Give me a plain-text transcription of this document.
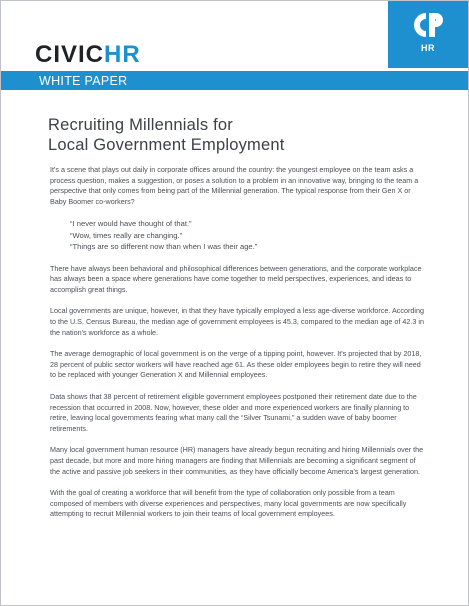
CIVICHR	HR
WHITE PAPER
Recruiting Millennials for
Local Government Employment

It's a scene that plays out daily in corporate offices around the country: the youngest employee on the team asks a process question, makes a suggestion, or poses a solution to a problem in an innovative way, bringing to the team a perspective that only comes from being part of the Millennial generation. The typical response from their Gen X or Baby Boomer co-workers?

“I never would have thought of that.”
“Wow, times really are changing.”
“Things are so different now than when I was their age.”

There have always been behavioral and philosophical differences between generations, and the corporate workplace has always been a space where generations have come together to meld perspectives, experiences, and ideas to accomplish great things.

Local governments are unique, however, in that they have typically employed a less age-diverse workforce. According to the U.S. Census Bureau, the median age of government employees is 45.3, compared to the median age of 42.3 in the nation's workforce as a whole.

The average demographic of local government is on the verge of a tipping point, however. It's projected that by 2018, 28 percent of public sector workers will have reached age 61. As these older employees begin to retire they will need to be replaced with younger Generation X and Millennial employees.

Data shows that 38 percent of retirement eligible government employees postponed their retirement date due to the recession that occurred in 2008. Now, however, these older and more experienced workers are finally planning to retire, leaving local governments fearing what many call the “Silver Tsunami,” a sudden wave of baby boomer retirements.

Many local government human resource (HR) managers have already begun recruiting and hiring Millennials over the past decade, but more and more hiring managers are finding that Millennials are becoming a significant segment of the active and passive job seekers in their communities, as they have officially become America's largest generation.

With the goal of creating a workforce that will benefit from the type of collaboration only possible from a team composed of members with diverse experiences and perspectives, many local governments are now specifically attempting to recruit Millennial workers to join their teams of local government employees.
